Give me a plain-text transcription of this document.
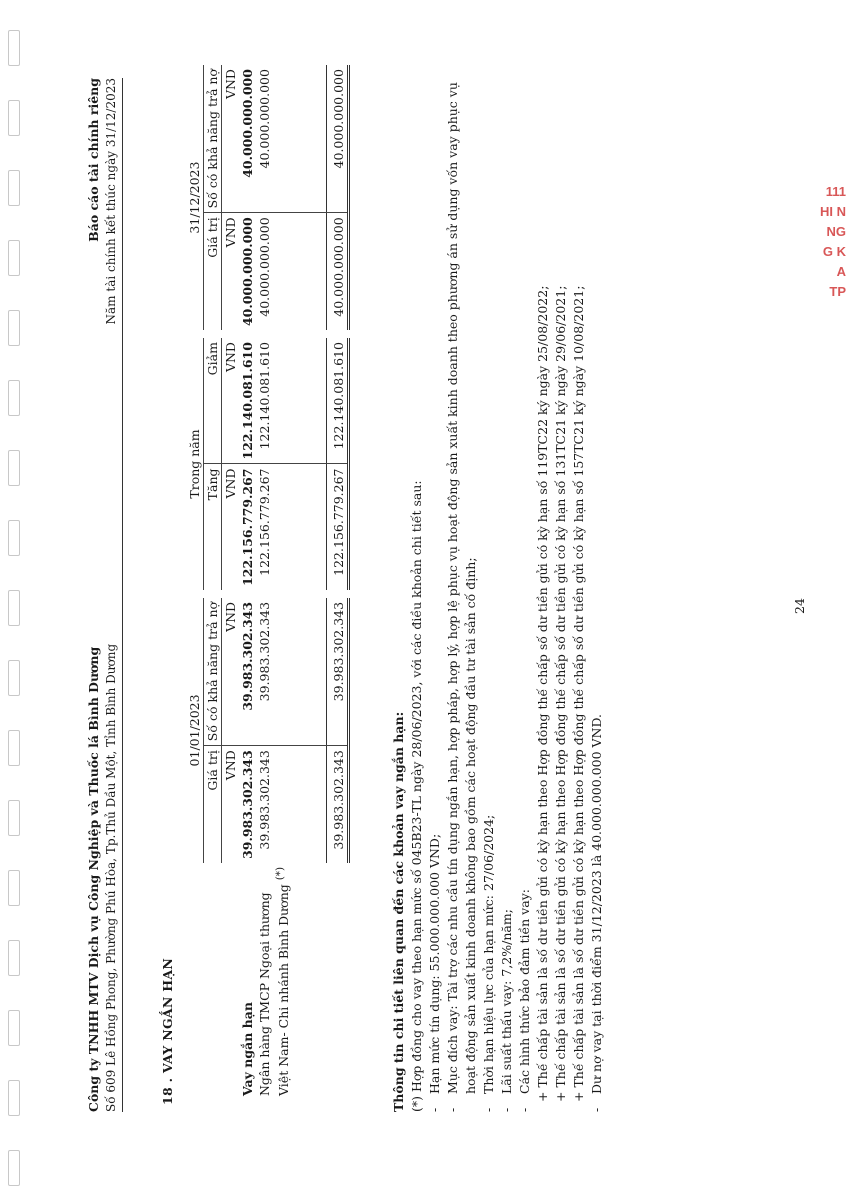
111
HI N
NG
G K
A
TP
Công ty TNHH MTV Dịch vụ Công Nghiệp và Thuốc lá Bình Dương Số 609 Lê Hồng Phong, Phường Phú Hòa, Tp.Thủ Dầu Một, Tỉnh Bình Dương
Báo cáo tài chính riêng Năm tài chính kết thúc ngày 31/12/2023
18 . VAY NGẮN HẠN
	01/01/2023			Trong năm			31/12/2023	
	Giá trị	Số có khả năng trả nợ		Tăng	Giảm		Giá trị	Số có khả năng trả nợ
	VND	VND		VND	VND		VND	VND
Vay ngắn hạn	39.983.302.343	39.983.302.343		122.156.779.267	122.140.081.610		40.000.000.000	40.000.000.000
Ngân hàng TMCP Ngoại thương	39.983.302.343	39.983.302.343		122.156.779.267	122.140.081.610		40.000.000.000	40.000.000.000
Việt Nam- Chi nhánh Bình Dương (*)								

	39.983.302.343	39.983.302.343		122.156.779.267	122.140.081.610		40.000.000.000	40.000.000.000
Thông tin chi tiết liên quan đến các khoản vay ngắn hạn: (*) Hợp đồng cho vay theo hạn mức số 045B23-TL ngày 28/06/2023, với các điều khoản chi tiết sau: -
Hạn mức tín dụng: 55.000.000.000 VND;
-
Mục đích vay: Tài trợ các nhu cầu tín dụng ngắn hạn, hợp pháp, hợp lý, hợp lệ phục vụ hoạt động sản xuất kinh doanh theo phương án sử dụng vốn vay phục vụ hoạt động sản xuất kinh doanh không bao gồm các hoạt động đầu tư tài sản cố định;
-
Thời hạn hiệu lực của hạn mức: 27/06/2024;
-
Lãi suất thấu vay: 7,2%/năm;
-
Các hình thức bảo đảm tiền vay: + Thế chấp tài sản là số dư tiền gửi có kỳ hạn theo Hợp đồng thế chấp số dư tiền gửi có kỳ hạn số 119TC22 ký ngày 25/08/2022; + Thế chấp tài sản là số dư tiền gửi có kỳ hạn theo Hợp đồng thế chấp số dư tiền gửi có kỳ hạn số 131TC21 ký ngày 29/06/2021; + Thế chấp tài sản là số dư tiền gửi có kỳ hạn theo Hợp đồng thế chấp số dư tiền gửi có kỳ hạn số 157TC21 ký ngày 10/08/2021;
-
Dư nợ vay tại thời điểm 31/12/2023 là 40.000.000.000 VND.
24
